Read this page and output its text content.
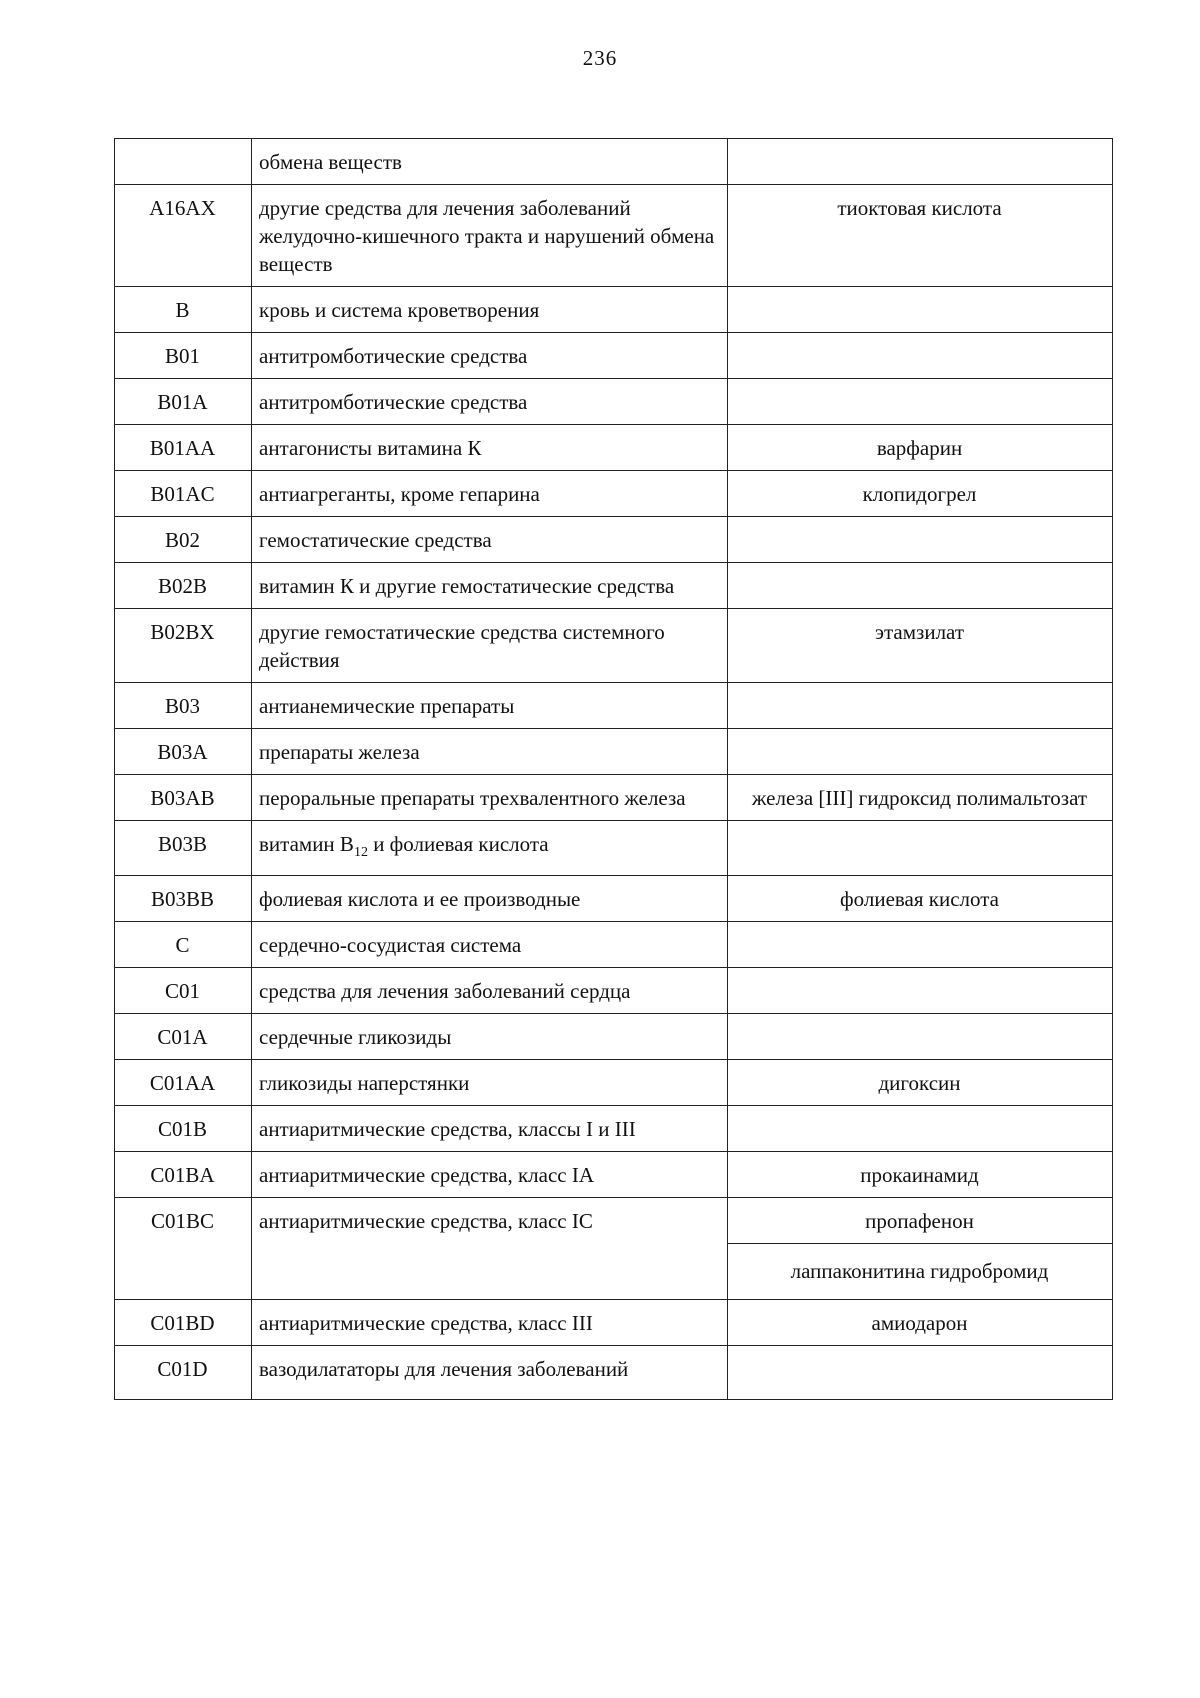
236
	обмена веществ	
A16AX	другие средства для лечения заболеваний желудочно-кишечного тракта и нарушений обмена веществ	тиоктовая кислота
B	кровь и система кроветворения	
B01	антитромботические средства	
B01A	антитромботические средства	
B01AA	антагонисты витамина К	варфарин
B01AC	антиагреганты, кроме гепарина	клопидогрел
B02	гемостатические средства	
B02B	витамин К и другие гемостатические средства	
B02BX	другие гемостатические средства системного действия	этамзилат
B03	антианемические препараты	
B03A	препараты железа	
B03AB	пероральные препараты трехвалентного железа	железа [III] гидроксид полимальтозат
B03B	витамин $B_{12}$ и фолиевая кислота	
B03BB	фолиевая кислота и ее производные	фолиевая кислота
C	сердечно-сосудистая система	
C01	средства для лечения заболеваний сердца	
C01A	сердечные гликозиды	
C01AA	гликозиды наперстянки	дигоксин
C01B	антиаритмические средства, классы I и III	
C01BA	антиаритмические средства, класс IA	прокаинамид
C01BC	антиаритмические средства, класс IC	пропафенон
		лаппаконитина гидробромид
C01BD	антиаритмические средства, класс III	амиодарон
C01D	вазодилататоры для лечения заболеваний	
